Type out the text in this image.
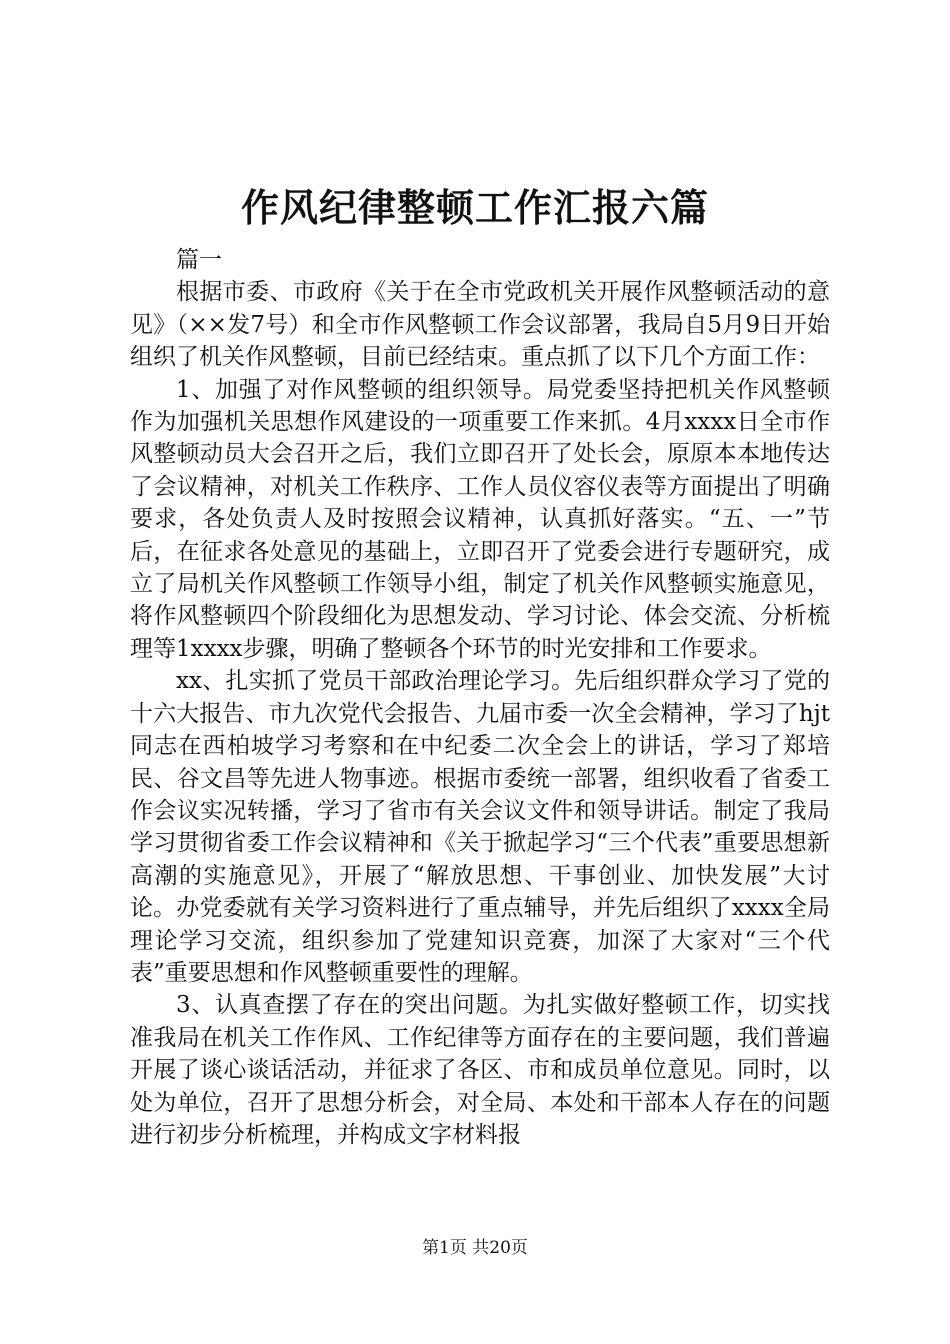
作风纪律整顿工作汇报六篇

篇一

根据市委、市政府《关于在全市党政机关开展作风整顿活动的意见》（××发7号）和全市作风整顿工作会议部署，我局自5月9日开始组织了机关作风整顿，目前已经结束。重点抓了以下几个方面工作：

1、加强了对作风整顿的组织领导。局党委坚持把机关作风整顿作为加强机关思想作风建设的一项重要工作来抓。4月xxxx日全市作风整顿动员大会召开之后，我们立即召开了处长会，原原本本地传达了会议精神，对机关工作秩序、工作人员仪容仪表等方面提出了明确要求，各处负责人及时按照会议精神，认真抓好落实。“五、一”节后，在征求各处意见的基础上，立即召开了党委会进行专题研究，成立了局机关作风整顿工作领导小组，制定了机关作风整顿实施意见，将作风整顿四个阶段细化为思想发动、学习讨论、体会交流、分析梳理等1xxxx步骤，明确了整顿各个环节的时光安排和工作要求。

xx、扎实抓了党员干部政治理论学习。先后组织群众学习了党的十六大报告、市九次党代会报告、九届市委一次全会精神，学习了hjt同志在西柏坡学习考察和在中纪委二次全会上的讲话，学习了郑培民、谷文昌等先进人物事迹。根据市委统一部署，组织收看了省委工作会议实况转播，学习了省市有关会议文件和领导讲话。制定了我局学习贯彻省委工作会议精神和《关于掀起学习“三个代表”重要思想新高潮的实施意见》，开展了“解放思想、干事创业、加快发展”大讨论。办党委就有关学习资料进行了重点辅导，并先后组织了xxxx全局理论学习交流，组织参加了党建知识竞赛，加深了大家对“三个代表”重要思想和作风整顿重要性的理解。

3、认真查摆了存在的突出问题。为扎实做好整顿工作，切实找准我局在机关工作作风、工作纪律等方面存在的主要问题，我们普遍开展了谈心谈话活动，并征求了各区、市和成员单位意见。同时，以处为单位，召开了思想分析会，对全局、本处和干部本人存在的问题进行初步分析梳理，并构成文字材料报

第1页 共20页
